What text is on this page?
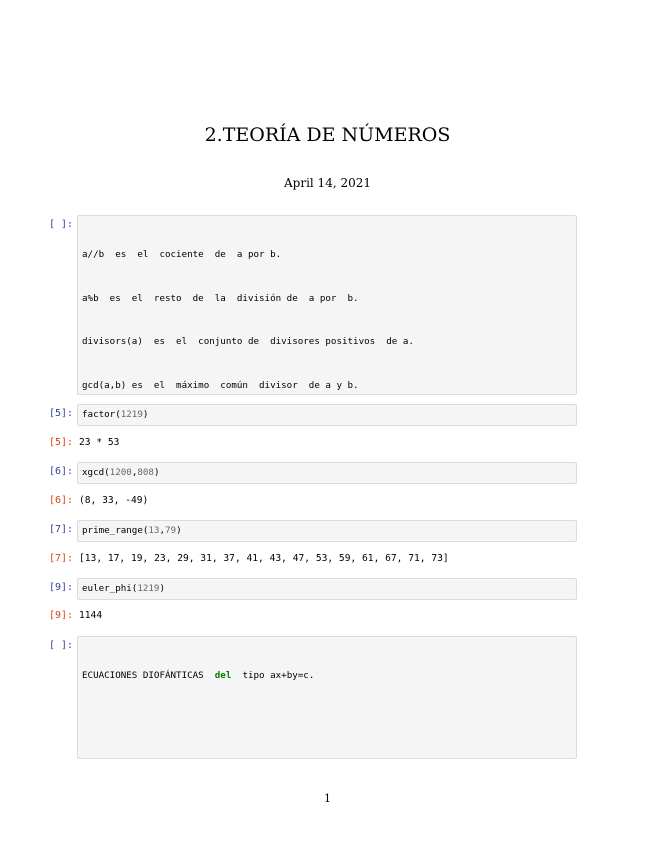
2.TEORÍA DE NÚMEROS
April 14, 2021
[ ]:

a//b  es  el  cociente  de  a por b.

a%b  es  el  resto  de  la  división de  a por  b.

divisors(a)  es  el  conjunto de  divisores positivos  de a.

gcd(a,b) es  el  máximo  común  divisor  de a y b.

[5]: factor(1219)
[5]: 23 * 53
[6]: xgcd(1200,808)
[6]: (8, 33, -49)
[7]: prime_range(13,79)
[7]: [13, 17, 19, 23, 29, 31, 37, 41, 43, 47, 53, 59, 61, 67, 71, 73]
[9]: euler_phi(1219)
[9]: 1144
[ ]:

ECUACIONES DIOFÁNTICAS  del  tipo ax+by=c.

1
